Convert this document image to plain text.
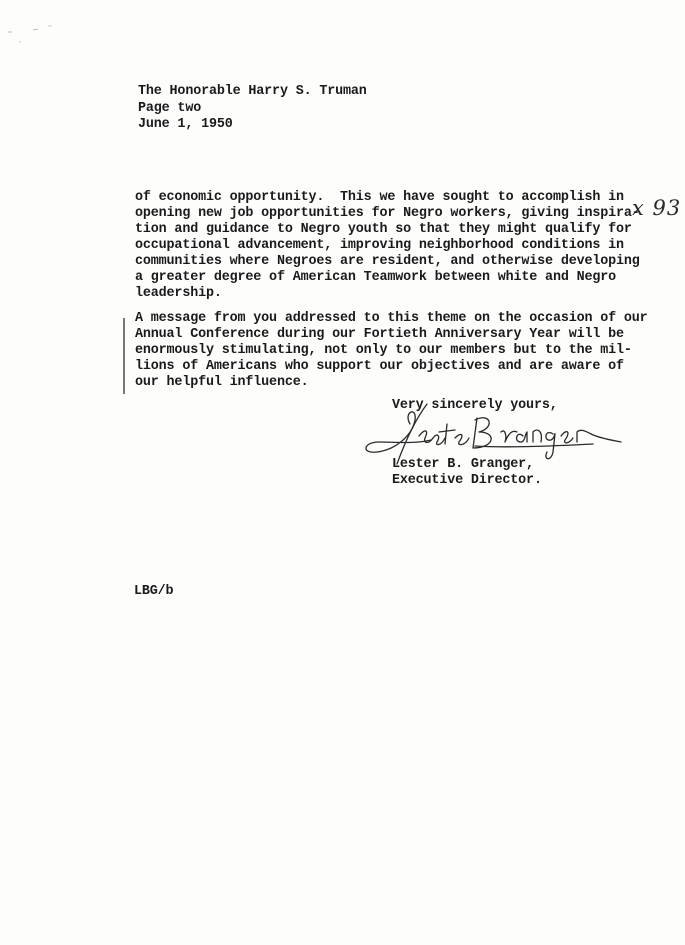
The Honorable Harry S. Truman
Page two
June 1, 1950
x 93
of economic opportunity.  This we have sought to accomplish in
opening new job opportunities for Negro workers, giving inspira-
tion and guidance to Negro youth so that they might qualify for
occupational advancement, improving neighborhood conditions in
communities where Negroes are resident, and otherwise developing
a greater degree of American Teamwork between white and Negro
leadership.
A message from you addressed to this theme on the occasion of our
Annual Conference during our Fortieth Anniversary Year will be
enormously stimulating, not only to our members but to the mil-
lions of Americans who support our objectives and are aware of
our helpful influence.
Very sincerely yours,
Lester B. Granger,
Executive Director.
LBG/b
